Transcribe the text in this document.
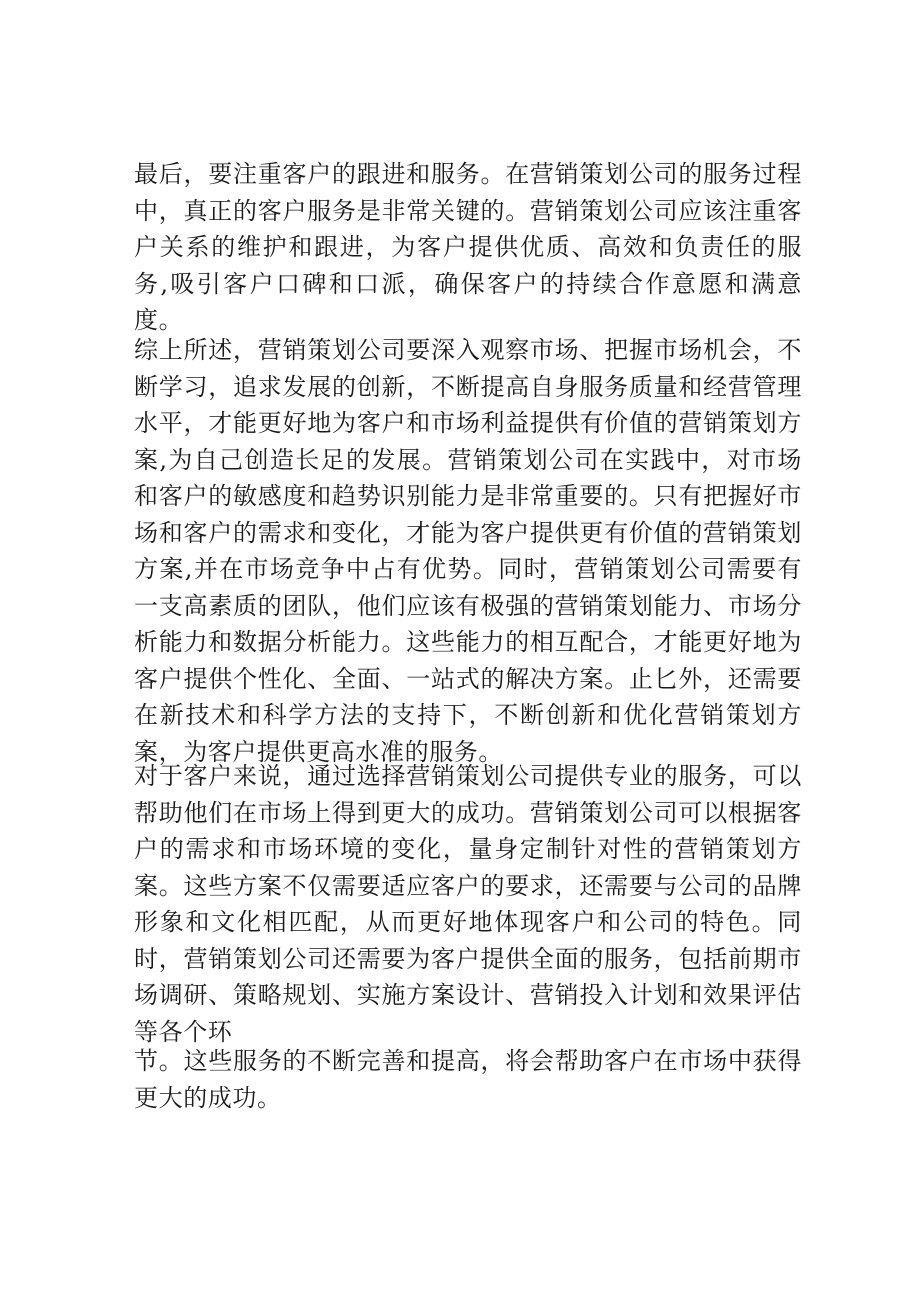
最后，要注重客户的跟进和服务。在营销策划公司的服务过程中，真正的客户服务是非常关键的。营销策划公司应该注重客户关系的维护和跟进，为客户提供优质、高效和负责任的服务,吸引客户口碑和口派，确保客户的持续合作意愿和满意度。

综上所述，营销策划公司要深入观察市场、把握市场机会，不断学习，追求发展的创新，不断提高自身服务质量和经营管理水平，才能更好地为客户和市场利益提供有价值的营销策划方案,为自己创造长足的发展。营销策划公司在实践中，对市场和客户的敏感度和趋势识别能力是非常重要的。只有把握好市场和客户的需求和变化，才能为客户提供更有价值的营销策划方案,并在市场竞争中占有优势。同时，营销策划公司需要有一支高素质的团队，他们应该有极强的营销策划能力、市场分析能力和数据分析能力。这些能力的相互配合，才能更好地为客户提供个性化、全面、一站式的解决方案。止匕外，还需要在新技术和科学方法的支持下，不断创新和优化营销策划方案，为客户提供更高水准的服务。

对于客户来说，通过选择营销策划公司提供专业的服务，可以帮助他们在市场上得到更大的成功。营销策划公司可以根据客户的需求和市场环境的变化，量身定制针对性的营销策划方案。这些方案不仅需要适应客户的要求，还需要与公司的品牌形象和文化相匹配，从而更好地体现客户和公司的特色。同时，营销策划公司还需要为客户提供全面的服务，包括前期市场调研、策略规划、实施方案设计、营销投入计划和效果评估等各个环

节。这些服务的不断完善和提高，将会帮助客户在市场中获得更大的成功。
